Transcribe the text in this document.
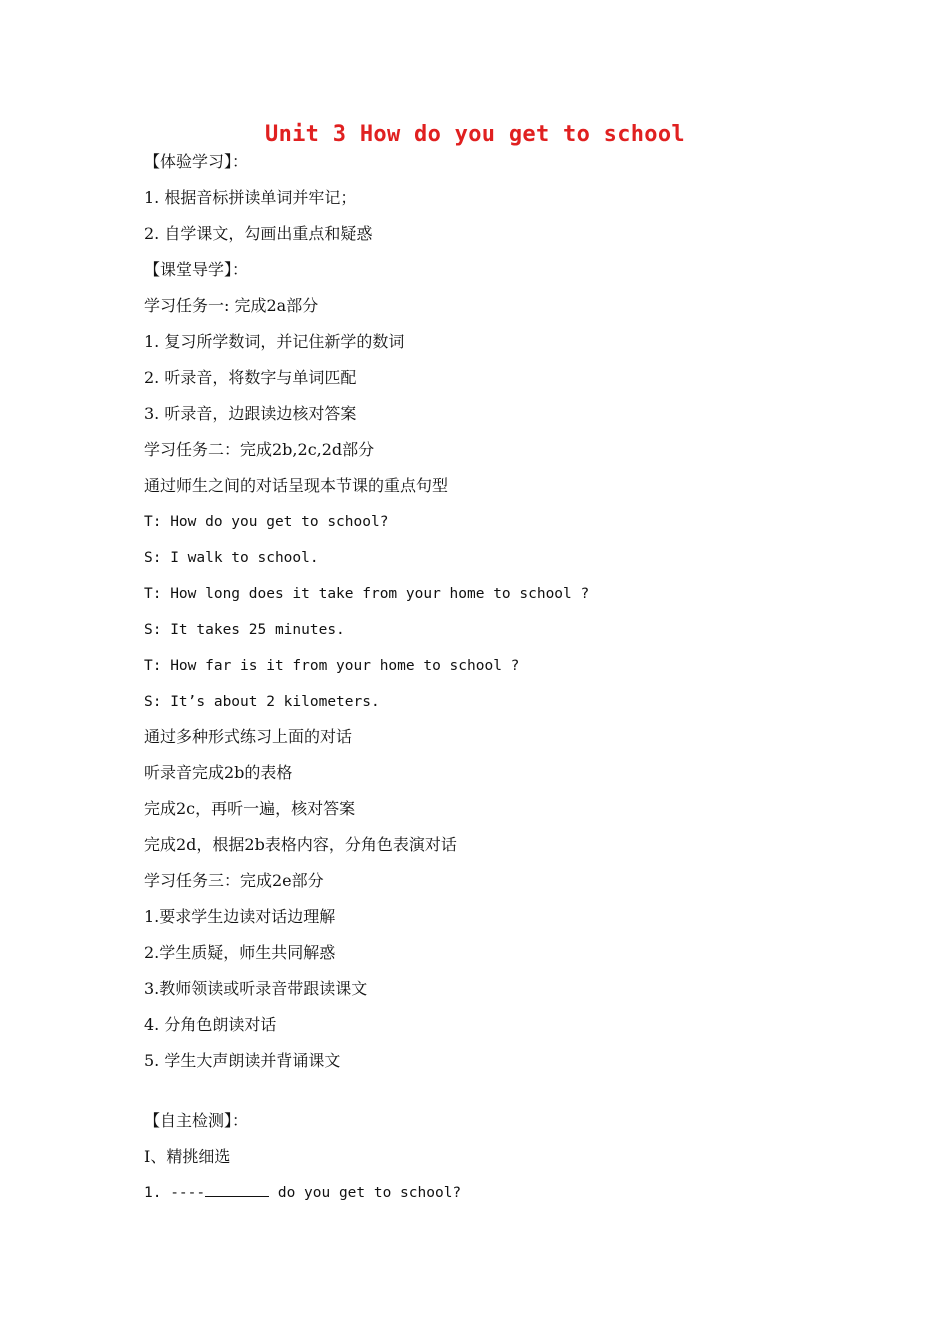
Unit 3 How do you get to school
【体验学习】：
1. 根据音标拼读单词并牢记；
2. 自学课文，勾画出重点和疑惑
【课堂导学】：
学习任务一: 完成2a部分
1. 复习所学数词，并记住新学的数词
2. 听录音，将数字与单词匹配
3. 听录音，边跟读边核对答案
学习任务二：完成2b,2c,2d部分
通过师生之间的对话呈现本节课的重点句型
T: How do you get to school?
S: I walk to school.
T: How long does it take from your home to school ?
S: It takes 25 minutes.
T: How far is it from your home to school ?
S: It’s about 2 kilometers.
通过多种形式练习上面的对话
听录音完成2b的表格
完成2c，再听一遍，核对答案
完成2d，根据2b表格内容，分角色表演对话
学习任务三：完成2e部分
1.要求学生边读对话边理解
2.学生质疑，师生共同解惑
3.教师领读或听录音带跟读课文
4. 分角色朗读对话
5. 学生大声朗读并背诵课文
【自主检测】：
I、精挑细选
1. ----	do you get to school?
